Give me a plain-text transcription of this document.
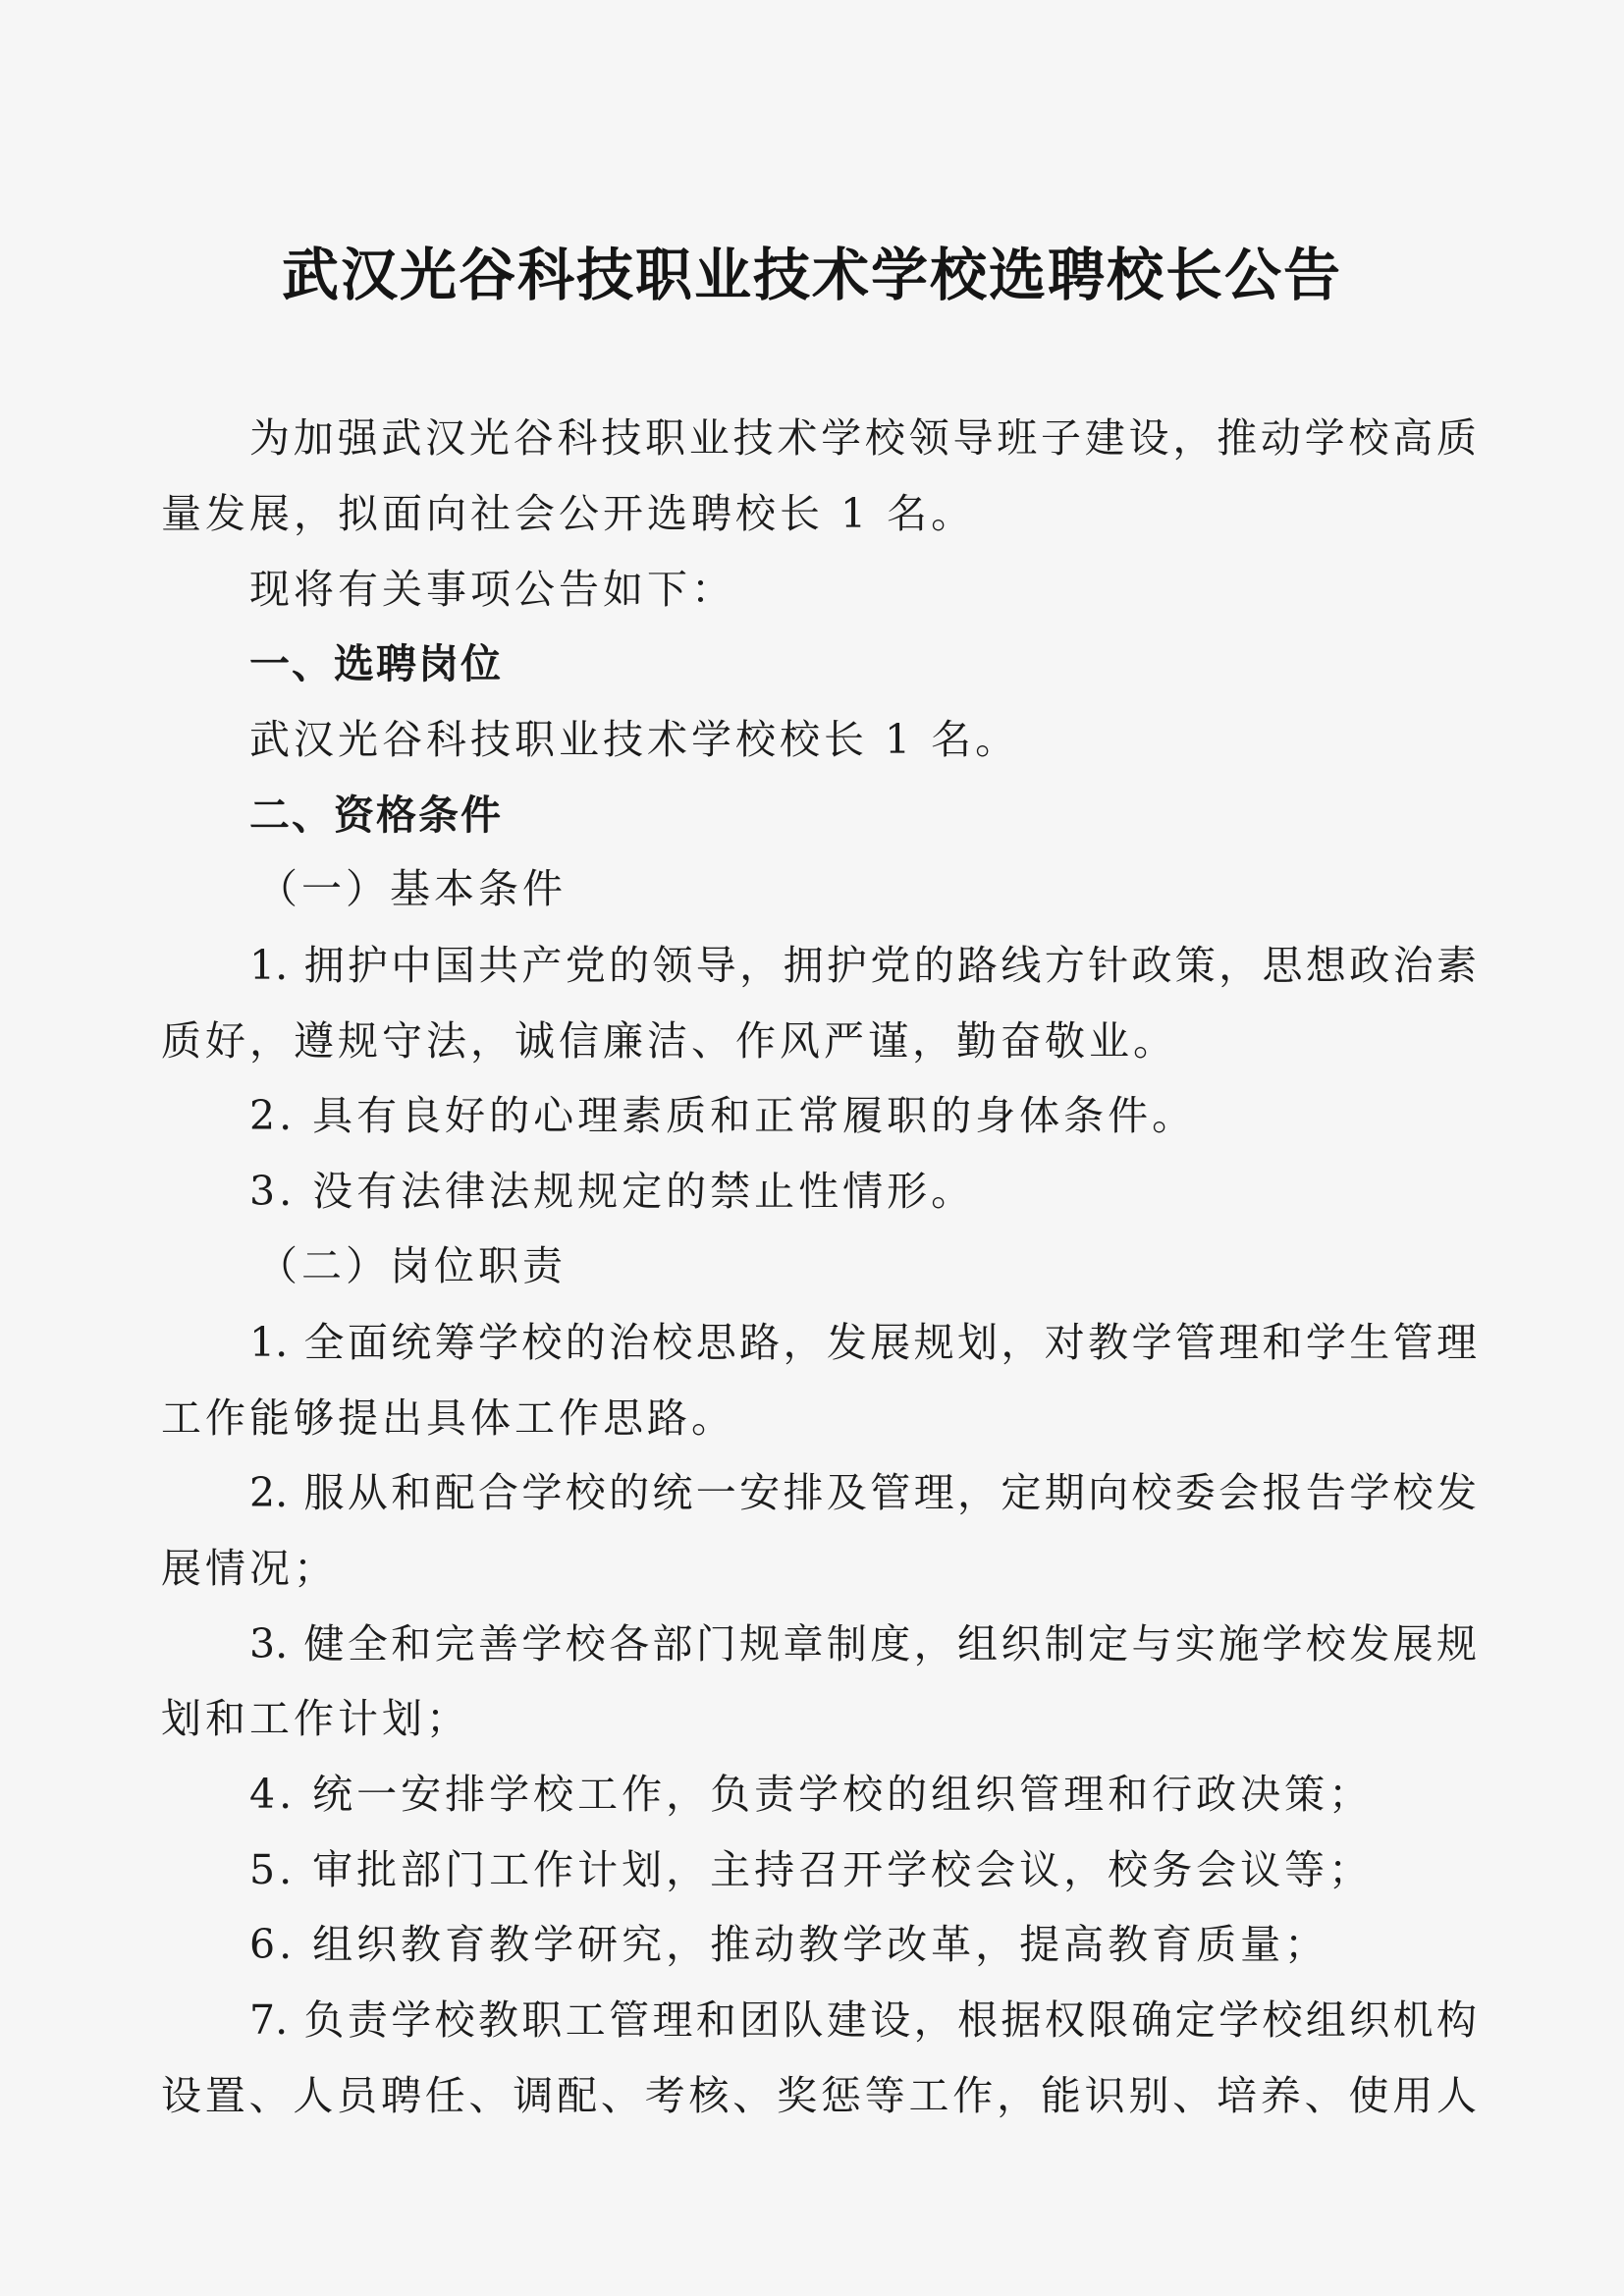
武汉光谷科技职业技术学校选聘校长公告
为加强武汉光谷科技职业技术学校领导班子建设，推动学校高质
量发展，拟面向社会公开选聘校长 1 名。
现将有关事项公告如下：
一、选聘岗位
武汉光谷科技职业技术学校校长 1 名。
二、资格条件
（一）基本条件
1. 拥护中国共产党的领导，拥护党的路线方针政策，思想政治素
质好，遵规守法，诚信廉洁、作风严谨，勤奋敬业。
2. 具有良好的心理素质和正常履职的身体条件。
3. 没有法律法规规定的禁止性情形。
（二）岗位职责
1. 全面统筹学校的治校思路，发展规划，对教学管理和学生管理
工作能够提出具体工作思路。
2. 服从和配合学校的统一安排及管理，定期向校委会报告学校发
展情况；
3. 健全和完善学校各部门规章制度，组织制定与实施学校发展规
划和工作计划；
4. 统一安排学校工作，负责学校的组织管理和行政决策；
5. 审批部门工作计划，主持召开学校会议，校务会议等；
6. 组织教育教学研究，推动教学改革，提高教育质量；
7. 负责学校教职工管理和团队建设，根据权限确定学校组织机构
设置、人员聘任、调配、考核、奖惩等工作，能识别、培养、使用人
